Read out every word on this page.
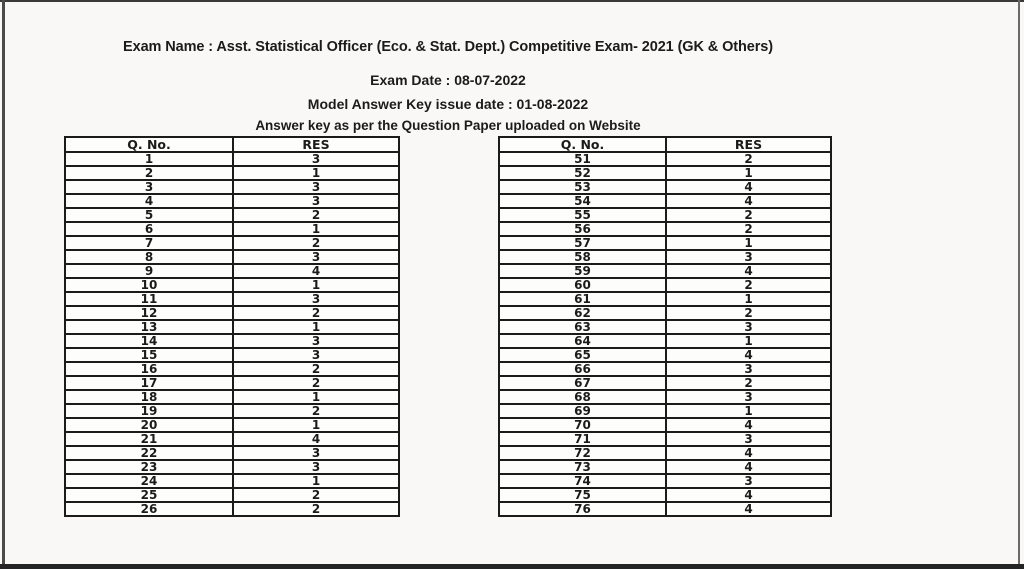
Exam Name : Asst. Statistical Officer (Eco. & Stat. Dept.) Competitive Exam- 2021 (GK & Others)
Exam Date : 08-07-2022
Model Answer Key issue date : 01-08-2022
Answer key as per the Question Paper uploaded on Website
Q. No.	RES
1	3
2	1
3	3
4	3
5	2
6	1
7	2
8	3
9	4
10	1
11	3
12	2
13	1
14	3
15	3
16	2
17	2
18	1
19	2
20	1
21	4
22	3
23	3
24	1
25	2
26	2
Q. No.	RES
51	2
52	1
53	4
54	4
55	2
56	2
57	1
58	3
59	4
60	2
61	1
62	2
63	3
64	1
65	4
66	3
67	2
68	3
69	1
70	4
71	3
72	4
73	4
74	3
75	4
76	4
